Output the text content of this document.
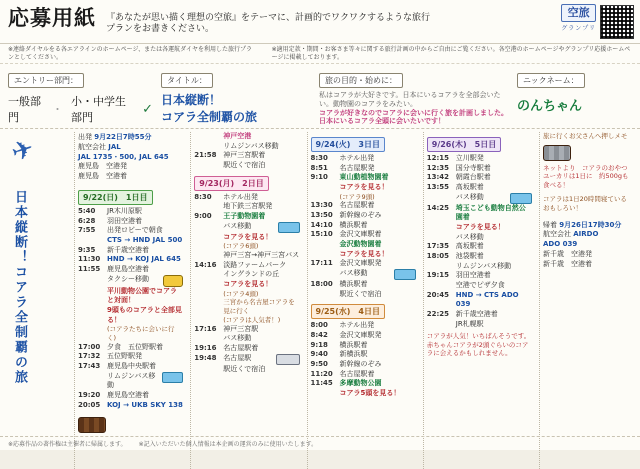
応募用紙 『あなたが思い描く理想の空旅』をテーマに、計画的でワクワクするような旅行プランをお書きください。
空旅
グランプリ
※連絡ダイヤルをる各エアラインのホームページ、または各運航ダイヤを利用した旅行プランとしてください。
※適用定款・期間・お客さま等々に関する旅行計画の中からご自由にご覧ください。各空港のホームページやグランプリ応援ホームページに掲載しております。
エントリー部門：
一般部門
・
小・中学生部門
✓
タイトル：
日本縦断！
コアラ全制覇の旅
旅の目的・始めに：
私はコアラが大好きです。日本にいるコアラを全部会いたい。動物園のコアラをみたい。
コアラが好きなのでコアラに会いに行く旅を計画しました。日本にいるコアラ全頭に会いたいです！
ニックネーム：
のんちゃん
✈
日本縦断！コアラ全制覇の旅
出発 9月22日7時55分
航空会社 JAL
JAL 1735・500, JAL 645
鹿児島　空港発
鹿児島　空港着
9/22(日)　1日目
5:40	JR木川原駅
6:28	羽田空港着
7:55	出発ロビーで朝食
CTS → HND JAL 500
9:35	新千歳空港着
11:30 HND → KOJ JAL 645
11:55 鹿児島空港着
タクシー移動
平川動物公園でコアラと対面！
9頭ものコアラと全部見る！
(コアラたちに会いに行く)
17:00 夕食　五位野駅着
17:32 五位野駅発
17:43 鹿児島中央駅着
リムジンバス移動
19:20 鹿児島空港着
20:05 KOJ → UKB SKY 138
神戸空港
リムジンバス移動
21:58 神戸三宮駅着
駅近くで宿泊
9/23(月)　2日目
8:30	ホテル出発
地下鉄三宮駅発
9:00	王子動物園着
バス移動
コアラを見る！
(コアラ6頭)
神戸三宮→神戸三宮バス
14:16 淡路ファームパーク　イングランドの丘
コアラを見る！
(コアラ4頭)
三宮から名古屋コアラを見に行く
(コアラは人気者！)
17:16 神戸三宮駅
バス移動
19:16 名古屋駅着
19:48 名古屋駅
駅近くで宿泊
9/24(火)　3日目
8:30	ホテル出発
8:51	名古屋駅発
9:10	東山動植物園着
コアラを見る！
(コアラ9頭)
13:30 名古屋駅着
13:50 新幹線のぞみ
14:10 横浜駅着
15:10 金沢文庫駅着
金沢動物園着
コアラを見る！
17:11 金沢文庫駅発
バス移動
18:00 横浜駅着
駅近くで宿泊
9/25(水)　4日目
8:00	ホテル出発
8:42	金沢文庫駅発
9:18	横浜駅着
9:40	新横浜駅
9:50	新幹線のぞみ
11:20 名古屋駅着
11:45 多摩動物公園
コアラ5頭を見る！
9/26(木)　5日目
12:15 立川駅発
12:35 国分寺駅着
13:42 朝霞台駅着
13:55 高坂駅着
バス移動
14:25 埼玉こども動物自然公園着
コアラを見る！
バス移動
17:35 高坂駅着
18:05 池袋駅着
リムジンバス移動
19:15 羽田空港着
空港でピザ夕食
20:45 HND → CTS ADO 039
22:25 新千歳空港着
JR札幌駅
コアラが人気！いちばんそうです。赤ちゃんコアラが2頭ぐらいのコアラに会えるかもしれません。
旅に行くお父さんへ押しメモ
ネットより　コアラのおやつ　ユーカリは1日に　約500gも食べる！
コアラは1日20時間寝ている　おもしろい！
帰着 9月26日17時30分
航空会社 AIRDO
ADO 039
新千歳　空港発
新千歳　空港着
※応募作品の著作権は主催者に帰属します。 ※記入いただいた個人情報は本企画の運営のみに使用いたします。
